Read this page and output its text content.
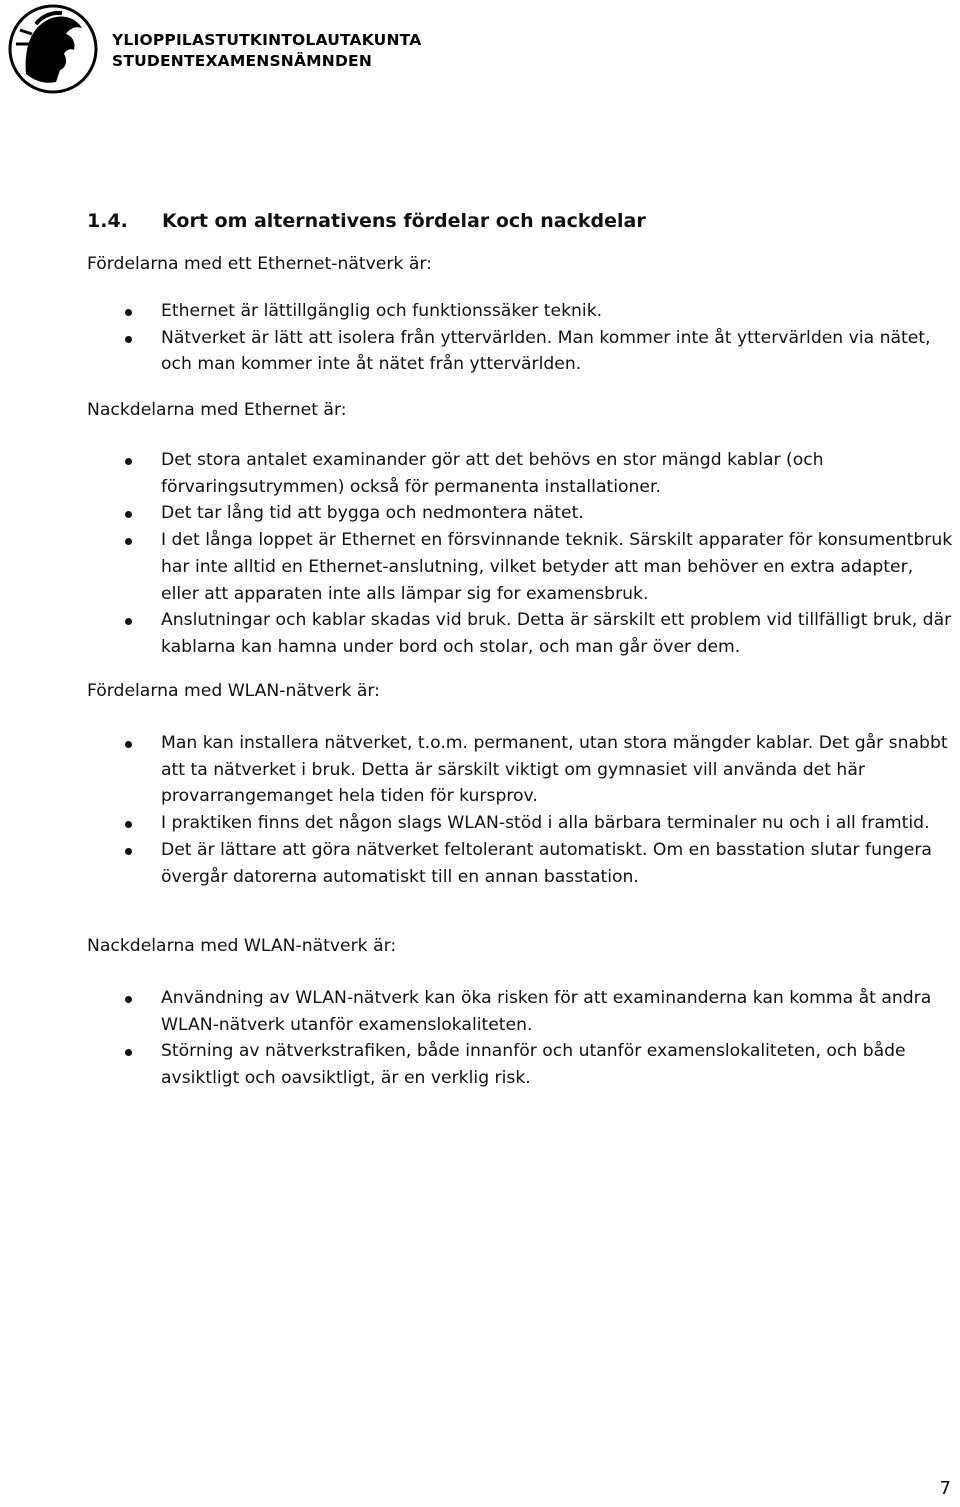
YLIOPPILASTUTKINTOLAUTAKUNTA
STUDENTEXAMENSNÄMNDEN
1.4. Kort om alternativens fördelar och nackdelar
Fördelarna med ett Ethernet-nätverk är:
Ethernet är lättillgänglig och funktionssäker teknik.
Nätverket är lätt att isolera från yttervärlden. Man kommer inte åt yttervärlden via nätet, och man kommer inte åt nätet från yttervärlden.
Nackdelarna med Ethernet är:
Det stora antalet examinander gör att det behövs en stor mängd kablar (och förvaringsutrymmen) också för permanenta installationer.
Det tar lång tid att bygga och nedmontera nätet.
I det långa loppet är Ethernet en försvinnande teknik. Särskilt apparater för konsumentbruk har inte alltid en Ethernet-anslutning, vilket betyder att man behöver en extra adapter, eller att apparaten inte alls lämpar sig for examensbruk.
Anslutningar och kablar skadas vid bruk. Detta är särskilt ett problem vid tillfälligt bruk, där kablarna kan hamna under bord och stolar, och man går över dem.
Fördelarna med WLAN-nätverk är:
Man kan installera nätverket, t.o.m. permanent, utan stora mängder kablar. Det går snabbt att ta nätverket i bruk. Detta är särskilt viktigt om gymnasiet vill använda det här provarrangemanget hela tiden för kursprov.
I praktiken finns det någon slags WLAN-stöd i alla bärbara terminaler nu och i all framtid.
Det är lättare att göra nätverket feltolerant automatiskt. Om en basstation slutar fungera övergår datorerna automatiskt till en annan basstation.
Nackdelarna med WLAN-nätverk är:
Användning av WLAN-nätverk kan öka risken för att examinanderna kan komma åt andra WLAN-nätverk utanför examenslokaliteten.
Störning av nätverkstrafiken, både innanför och utanför examenslokaliteten, och både avsiktligt och oavsiktligt, är en verklig risk.
7
